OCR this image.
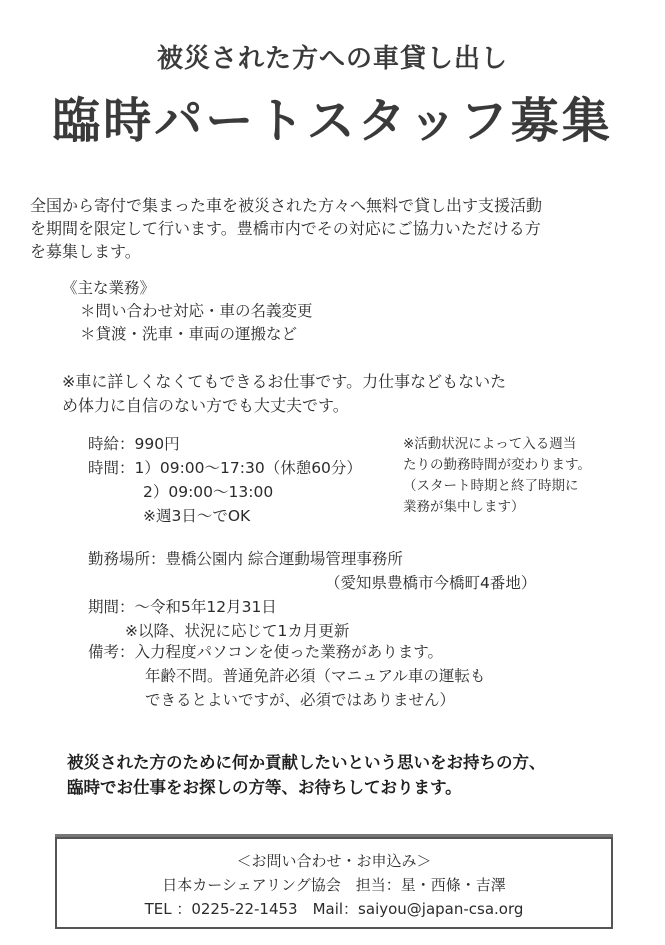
被災された方への車貸し出し
臨時パートスタッフ募集
全国から寄付で集まった車を被災された方々へ無料で貸し出す支援活動
を期間を限定して行います。豊橋市内でその対応にご協力いただける方
を募集します。
《主な業務》
＊問い合わせ対応・車の名義変更
＊貸渡・洗車・車両の運搬など
※車に詳しくなくてもできるお仕事です。力仕事などもないた
め体力に自信のない方でも大丈夫です。
時給：990円
時間：1）09:00～17:30（休憩60分）
2）09:00～13:00
※週3日～でOK
※活動状況によって入る週当
たりの勤務時間が変わります。
（スタート時期と終了時期に
業務が集中します）
勤務場所：豊橋公園内 綜合運動場管理事務所
（愛知県豊橋市今橋町4番地）
期間：～令和5年12月31日
※以降、状況に応じて1カ月更新
備考：入力程度パソコンを使った業務があります。
年齢不問。普通免許必須（マニュアル車の運転も
できるとよいですが、必須ではありません）
被災された方のために何か貢献したいという思いをお持ちの方、
臨時でお仕事をお探しの方等、お待ちしております。
＜お問い合わせ・お申込み＞
日本カーシェアリング協会　担当：星・西條・吉澤
TEL ：0225-22-1453　Mail：saiyou@japan-csa.org
